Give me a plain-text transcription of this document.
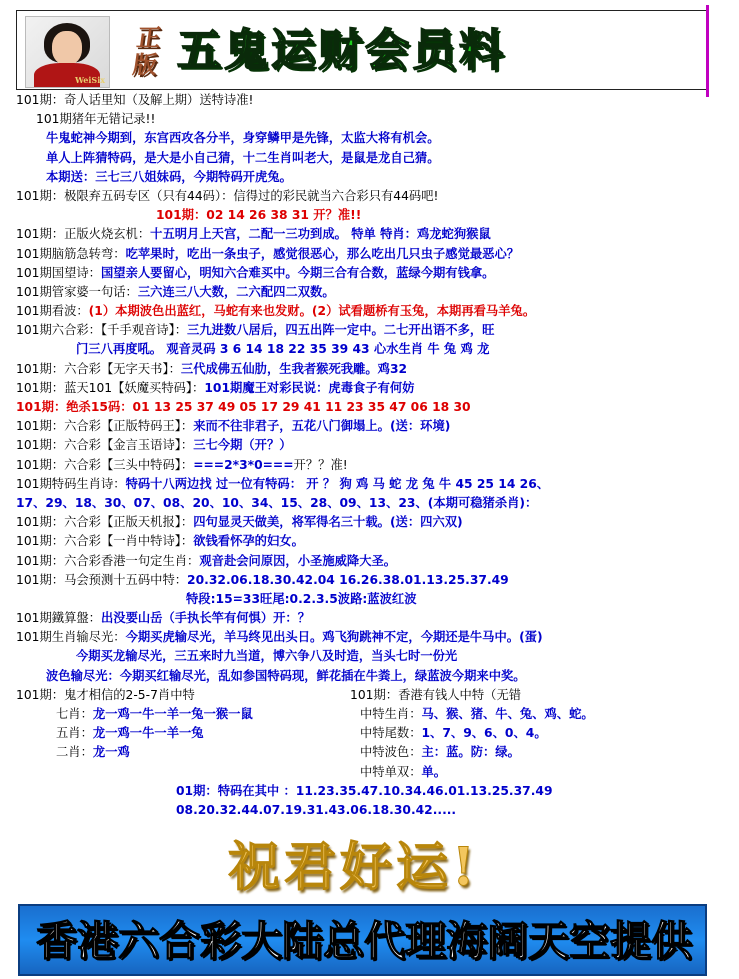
WeiSix
正
版 五鬼运财会员料
101期：奇人话里知（及解上期）送特诗准!
101期猪年无错记录!!
牛鬼蛇神今期到，东宫西攻各分半，身穿鳞甲是先锋，太监大将有机会。
单人上阵猜特码，是大是小自己猜，十二生肖叫老大，是鼠是龙自己猜。
本期送：三七三八姐妹码，今期特码开虎兔。
101期：极限弃五码专区（只有44码）：信得过的彩民就当六合彩只有44码吧!
101期：02 14 26 38 31 开？准!!
101期：正版火烧玄机：十五明月上天宫，二配一三功到成。 特单 特肖：鸡龙蛇狗猴鼠
101期脑筋急转弯：吃苹果时，吃出一条虫子，感觉很恶心，那么吃出几只虫子感觉最恶心？
101期国望诗：国望亲人要留心，明知六合难买中。今期三合有合数，蓝绿今期有钱拿。
101期管家婆一句话：三六连三八大数，二六配四二双数。
101期看波：(1）本期波色出蓝红，马蛇有来也发财。(2）试看题桥有玉兔，本期再看马羊兔。
101期六合彩：【千手观音诗】：三九进数八居后，四五出阵一定中。二七开出语不多，旺
门三八再度吼。 观音灵码 3 6 14 18 22 35 39 43 心水生肖 牛 兔 鸡 龙
101期：六合彩【无字天书】：三代成佛五仙肋，生我者猴死我雕。鸡32
101期：蓝天101【妖魔买特码】：101期魔王对彩民说：虎毒食子有何妨
101期：绝杀15码：01 13 25 37 49 05 17 29 41 11 23 35 47 06 18 30
101期：六合彩【正版特码王】：来而不往非君子，五花八门御塌上。(送：环境)
101期：六合彩【金言玉语诗】：三七今期（开？）
101期：六合彩【三头中特码】：===2*3*0===开？？准!
101期特码生肖诗：特码十八两边找 过一位有特码： 开 ？ 狗 鸡 马 蛇 龙 兔 牛 45 25 14 26、
17、29、18、30、07、08、20、10、34、15、28、09、13、23、(本期可稳猪杀肖)：
101期：六合彩【正版天机报】：四句显灵天做美，将军得名三十载。(送：四六双)
101期：六合彩【一肖中特诗】：欲钱看怀孕的妇女。
101期：六合彩香港一句定生肖：观音赴会问原因，小圣施威降大圣。
101期：马会预测十五码中特：20.32.06.18.30.42.04 16.26.38.01.13.25.37.49
特段:15=33旺尾:0.2.3.5波路:蓝波红波
101期鐵算盤：出没要山岳（手执长竿有何惧）开：？
101期生肖输尽光：今期买虎输尽光，羊马终见出头日。鸡飞狗跳神不定，今期还是牛马中。(蛋)
今期买龙输尽光，三五来时九当道，博六争八及时造，当头七时一份光
波色输尽光：今期买红输尽光，乱如参国特码现，鲜花插在牛粪上，绿蓝波今期来中奖。
101期：鬼才相信的2-5-7肖中特
七肖：龙一鸡一牛一羊一兔一猴一鼠
五肖：龙一鸡一牛一羊一兔
二肖：龙一鸡
101期：香港有钱人中特（无错
中特生肖：马、猴、猪、牛、兔、鸡、蛇。
中特尾数：1、7、9、6、0、4。
中特波色：主：蓝。防：绿。
中特单双：单。
01期：特码在其中 ：11.23.35.47.10.34.46.01.13.25.37.49
08.20.32.44.07.19.31.43.06.18.30.42.....
祝君好运!
香港六合彩大陆总代理海阔天空提供
